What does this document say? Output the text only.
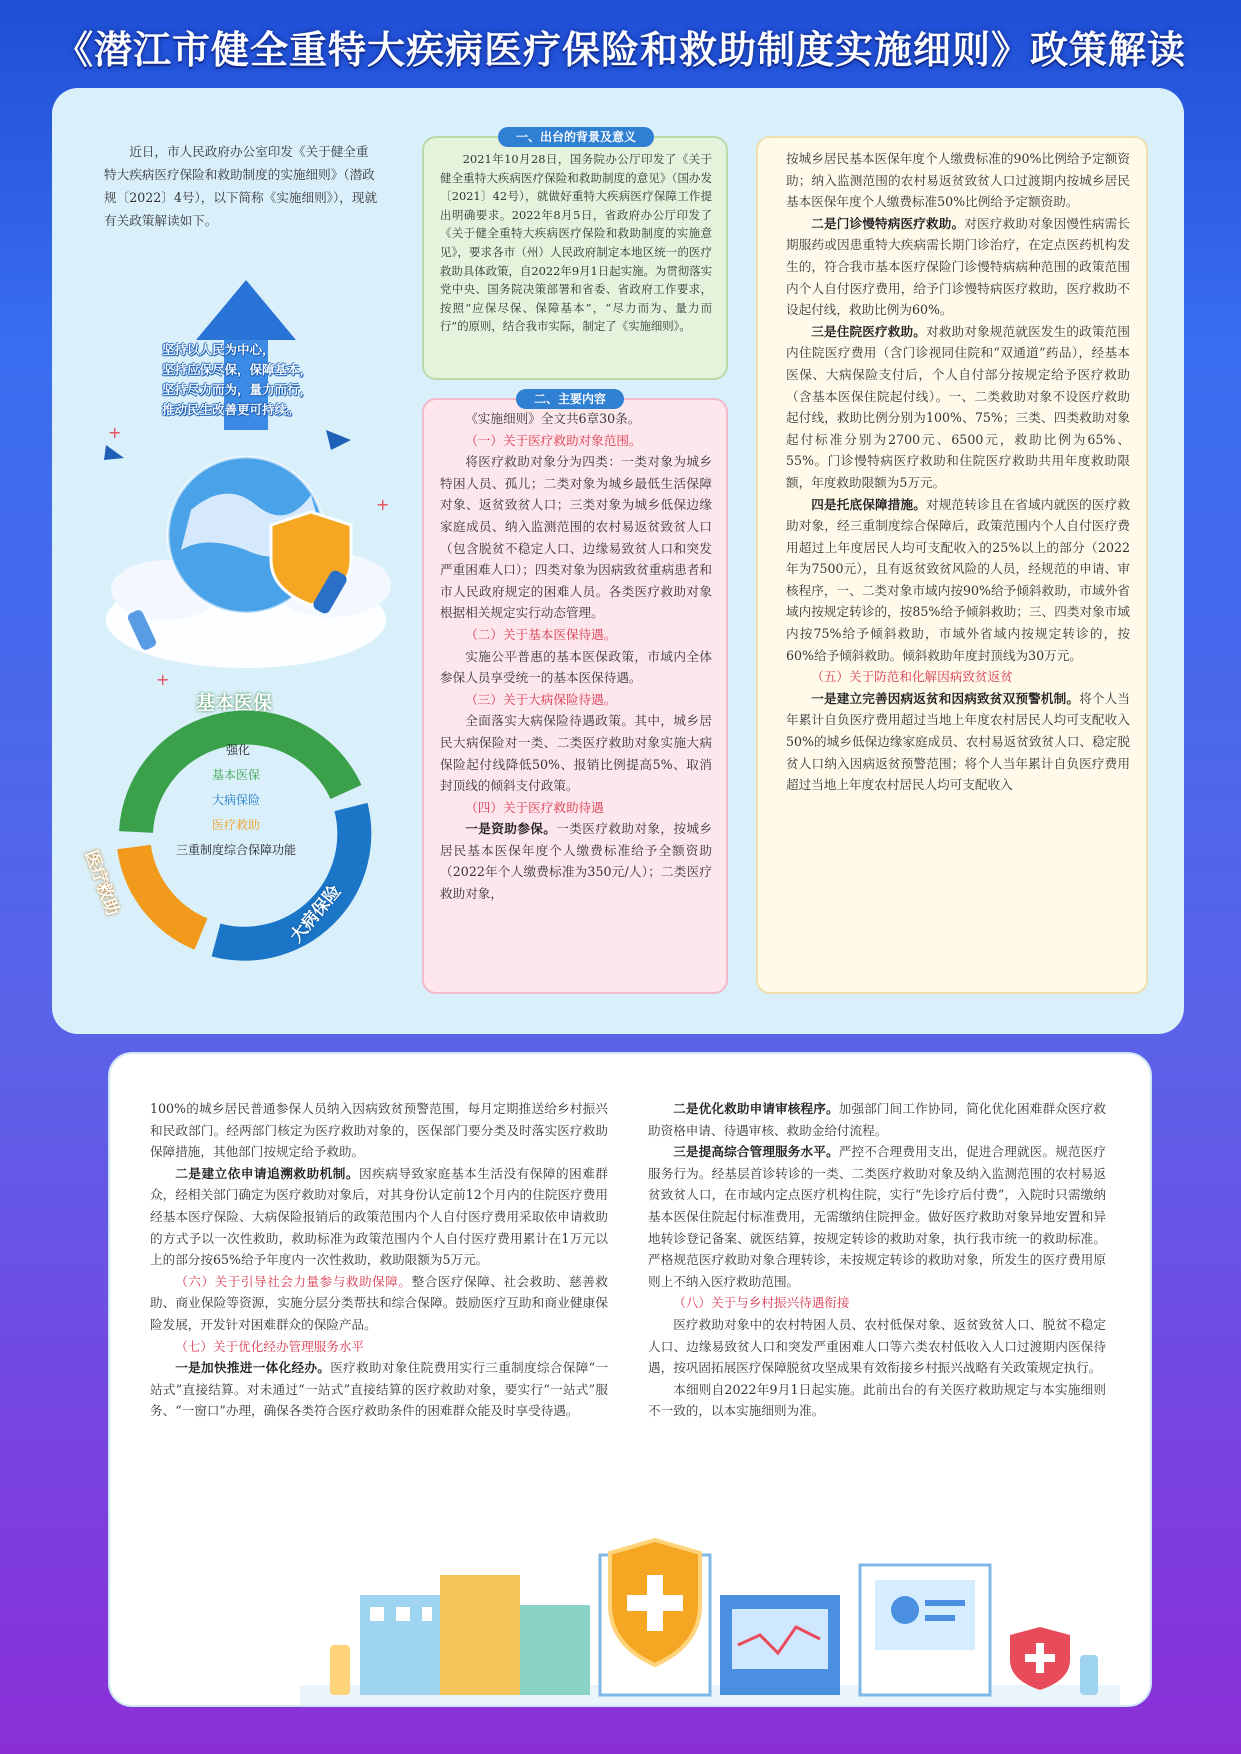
《潜江市健全重特大疾病医疗保险和救助制度实施细则》政策解读
近日，市人民政府办公室印发《关于健全重特大疾病医疗保险和救助制度的实施细则》（潜政规〔2022〕4号），以下简称《实施细则》），现就有关政策解读如下。
+
+
+
坚持以人民为中心，
坚持应保尽保，保障基本，
坚持尽力而为，量力而行，
推动民生改善更可持续。
基本医保
医疗救助	大病保险
强化
基本医保
大病保险
医疗救助
三重制度综合保障功能
一、出台的背景及意义
2021年10月28日，国务院办公厅印发了《关于健全重特大疾病医疗保险和救助制度的意见》（国办发〔2021〕42号），就做好重特大疾病医疗保障工作提出明确要求。2022年8月5日，省政府办公厅印发了《关于健全重特大疾病医疗保险和救助制度的实施意见》，要求各市（州）人民政府制定本地区统一的医疗救助具体政策，自2022年9月1日起实施。为贯彻落实党中央、国务院决策部署和省委、省政府工作要求，按照“应保尽保、保障基本”，“尽力而为、量力而行”的原则，结合我市实际，制定了《实施细则》。
二、主要内容
《实施细则》全文共6章30条。
（一）关于医疗救助对象范围。
将医疗救助对象分为四类：一类对象为城乡特困人员、孤儿；二类对象为城乡最低生活保障对象、返贫致贫人口；三类对象为城乡低保边缘家庭成员、纳入监测范围的农村易返贫致贫人口（包含脱贫不稳定人口、边缘易致贫人口和突发严重困难人口）；四类对象为因病致贫重病患者和市人民政府规定的困难人员。各类医疗救助对象根据相关规定实行动态管理。
（二）关于基本医保待遇。
实施公平普惠的基本医保政策，市域内全体参保人员享受统一的基本医保待遇。
（三）关于大病保险待遇。
全面落实大病保险待遇政策。其中，城乡居民大病保险对一类、二类医疗救助对象实施大病保险起付线降低50%、报销比例提高5%、取消封顶线的倾斜支付政策。
（四）关于医疗救助待遇
一是资助参保。一类医疗救助对象，按城乡居民基本医保年度个人缴费标准给予全额资助（2022年个人缴费标准为350元/人）；二类医疗救助对象，
按城乡居民基本医保年度个人缴费标准的90%比例给予定额资助；纳入监测范围的农村易返贫致贫人口过渡期内按城乡居民基本医保年度个人缴费标准50%比例给予定额资助。
二是门诊慢特病医疗救助。对医疗救助对象因慢性病需长期服药或因患重特大疾病需长期门诊治疗，在定点医药机构发生的，符合我市基本医疗保险门诊慢特病病种范围的政策范围内个人自付医疗费用，给予门诊慢特病医疗救助，医疗救助不设起付线，救助比例为60%。
三是住院医疗救助。对救助对象规范就医发生的政策范围内住院医疗费用（含门诊视同住院和“双通道”药品），经基本医保、大病保险支付后，个人自付部分按规定给予医疗救助（含基本医保住院起付线）。一、二类救助对象不设医疗救助起付线，救助比例分别为100%、75%；三类、四类救助对象起付标准分别为2700元、6500元，救助比例为65%、55%。门诊慢特病医疗救助和住院医疗救助共用年度救助限额，年度救助限额为5万元。
四是托底保障措施。对规范转诊且在省域内就医的医疗救助对象，经三重制度综合保障后，政策范围内个人自付医疗费用超过上年度居民人均可支配收入的25%以上的部分（2022年为7500元），且有返贫致贫风险的人员，经规范的申请、审核程序，一、二类对象市域内按90%给予倾斜救助，市域外省域内按规定转诊的，按85%给予倾斜救助；三、四类对象市域内按75%给予倾斜救助，市域外省域内按规定转诊的，按60%给予倾斜救助。倾斜救助年度封顶线为30万元。
（五）关于防范和化解因病致贫返贫
一是建立完善因病返贫和因病致贫双预警机制。将个人当年累计自负医疗费用超过当地上年度农村居民人均可支配收入50%的城乡低保边缘家庭成员、农村易返贫致贫人口、稳定脱贫人口纳入因病返贫预警范围；将个人当年累计自负医疗费用超过当地上年度农村居民人均可支配收入
100%的城乡居民普通参保人员纳入因病致贫预警范围，每月定期推送给乡村振兴和民政部门。经两部门核定为医疗救助对象的，医保部门要分类及时落实医疗救助保障措施，其他部门按规定给予救助。
二是建立依申请追溯救助机制。因疾病导致家庭基本生活没有保障的困难群众，经相关部门确定为医疗救助对象后，对其身份认定前12个月内的住院医疗费用经基本医疗保险、大病保险报销后的政策范围内个人自付医疗费用采取依申请救助的方式予以一次性救助，救助标准为政策范围内个人自付医疗费用累计在1万元以上的部分按65%给予年度内一次性救助，救助限额为5万元。
（六）关于引导社会力量参与救助保障。整合医疗保障、社会救助、慈善救助、商业保险等资源，实施分层分类帮扶和综合保障。鼓励医疗互助和商业健康保险发展，开发针对困难群众的保险产品。
（七）关于优化经办管理服务水平
一是加快推进一体化经办。医疗救助对象住院费用实行三重制度综合保障“一站式”直接结算。对未通过“一站式”直接结算的医疗救助对象，要实行“一站式”服务、“一窗口”办理，确保各类符合医疗救助条件的困难群众能及时享受待遇。
二是优化救助申请审核程序。加强部门间工作协同，简化优化困难群众医疗救助资格申请、待遇审核、救助金给付流程。
三是提高综合管理服务水平。严控不合理费用支出，促进合理就医。规范医疗服务行为。经基层首诊转诊的一类、二类医疗救助对象及纳入监测范围的农村易返贫致贫人口，在市域内定点医疗机构住院，实行“先诊疗后付费”，入院时只需缴纳基本医保住院起付标准费用，无需缴纳住院押金。做好医疗救助对象异地安置和异地转诊登记备案、就医结算，按规定转诊的救助对象，执行我市统一的救助标准。严格规范医疗救助对象合理转诊，未按规定转诊的救助对象，所发生的医疗费用原则上不纳入医疗救助范围。
（八）关于与乡村振兴待遇衔接
医疗救助对象中的农村特困人员、农村低保对象、返贫致贫人口、脱贫不稳定人口、边缘易致贫人口和突发严重困难人口等六类农村低收入人口过渡期内医保待遇，按巩固拓展医疗保障脱贫攻坚成果有效衔接乡村振兴战略有关政策规定执行。
本细则自2022年9月1日起实施。此前出台的有关医疗救助规定与本实施细则不一致的，以本实施细则为准。
